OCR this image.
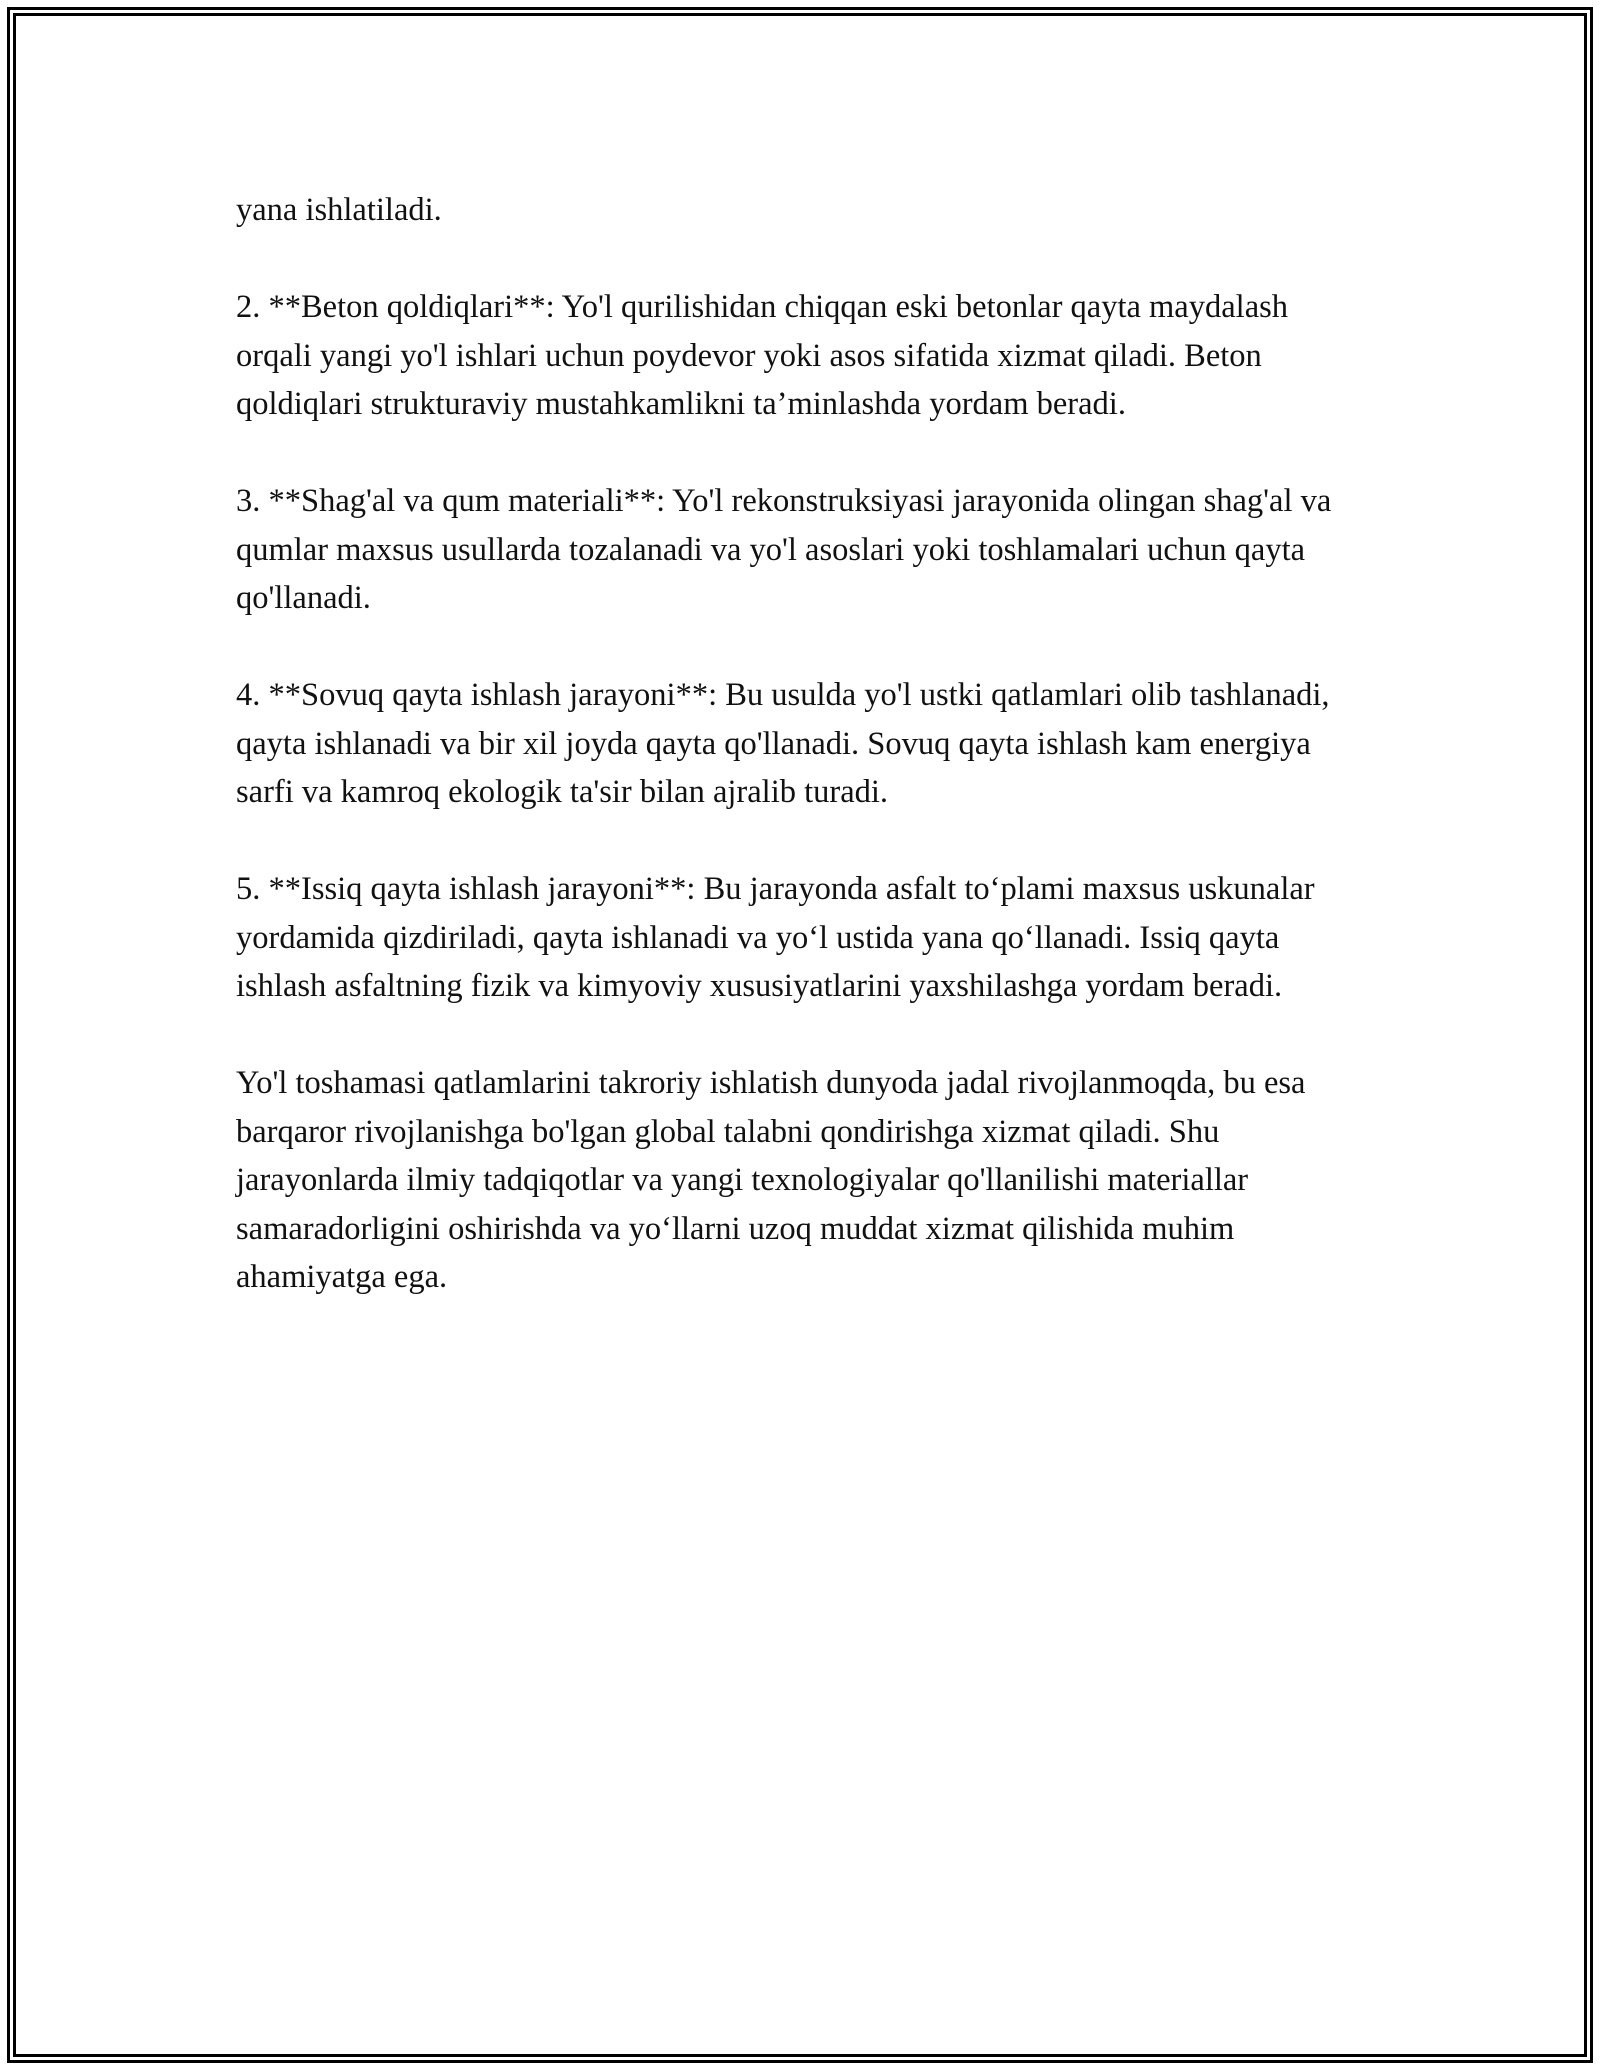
yana ishlatiladi.

2. **Beton qoldiqlari**: Yo'l qurilishidan chiqqan eski betonlar qayta maydalash orqali yangi yo'l ishlari uchun poydevor yoki asos sifatida xizmat qiladi. Beton qoldiqlari strukturaviy mustahkamlikni ta’minlashda yordam beradi.

3. **Shag'al va qum materiali**: Yo'l rekonstruksiyasi jarayonida olingan shag'al va qumlar maxsus usullarda tozalanadi va yo'l asoslari yoki toshlamalari uchun qayta qo'llanadi.

4. **Sovuq qayta ishlash jarayoni**: Bu usulda yo'l ustki qatlamlari olib tashlanadi, qayta ishlanadi va bir xil joyda qayta qo'llanadi. Sovuq qayta ishlash kam energiya sarfi va kamroq ekologik ta'sir bilan ajralib turadi.

5. **Issiq qayta ishlash jarayoni**: Bu jarayonda asfalt to‘plami maxsus uskunalar yordamida qizdiriladi, qayta ishlanadi va yo‘l ustida yana qo‘llanadi. Issiq qayta ishlash asfaltning fizik va kimyoviy xususiyatlarini yaxshilashga yordam beradi.

Yo'l toshamasi qatlamlarini takroriy ishlatish dunyoda jadal rivojlanmoqda, bu esa barqaror rivojlanishga bo'lgan global talabni qondirishga xizmat qiladi. Shu jarayonlarda ilmiy tadqiqotlar va yangi texnologiyalar qo'llanilishi materiallar samaradorligini oshirishda va yo‘llarni uzoq muddat xizmat qilishida muhim ahamiyatga ega.
